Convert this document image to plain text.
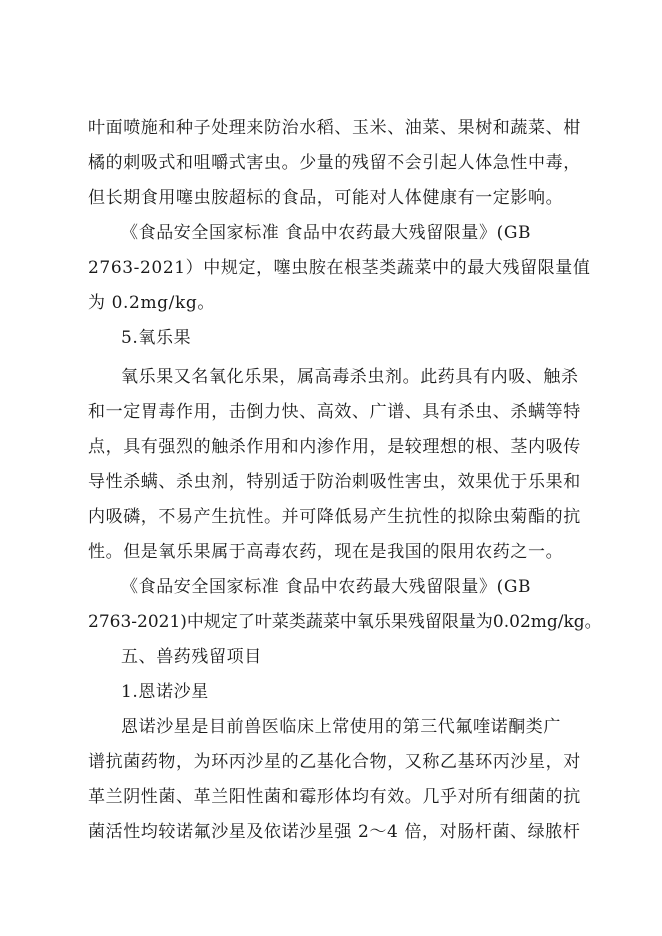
叶面喷施和种子处理来防治水稻、玉米、油菜、果树和蔬菜、柑
橘的刺吸式和咀嚼式害虫。少量的残留不会引起人体急性中毒，
但长期食用噻虫胺超标的食品，可能对人体健康有一定影响。
《食品安全国家标准 食品中农药最大残留限量》(GB
2763-2021）中规定，噻虫胺在根茎类蔬菜中的最大残留限量值
为 0.2mg/kg。
5.氧乐果
氧乐果又名氧化乐果，属高毒杀虫剂。此药具有内吸、触杀
和一定胃毒作用，击倒力快、高效、广谱、具有杀虫、杀螨等特
点，具有强烈的触杀作用和内渗作用，是较理想的根、茎内吸传
导性杀螨、杀虫剂，特别适于防治刺吸性害虫，效果优于乐果和
内吸磷，不易产生抗性。并可降低易产生抗性的拟除虫菊酯的抗
性。但是氧乐果属于高毒农药，现在是我国的限用农药之一。
《食品安全国家标准 食品中农药最大残留限量》(GB
2763-2021)中规定了叶菜类蔬菜中氧乐果残留限量为0.02mg/kg。
五、兽药残留项目
1.恩诺沙星
恩诺沙星是目前兽医临床上常使用的第三代氟喹诺酮类广
谱抗菌药物，为环丙沙星的乙基化合物，又称乙基环丙沙星，对
革兰阴性菌、革兰阳性菌和霉形体均有效。几乎对所有细菌的抗
菌活性均较诺氟沙星及依诺沙星强 2～4 倍，对肠杆菌、绿脓杆
